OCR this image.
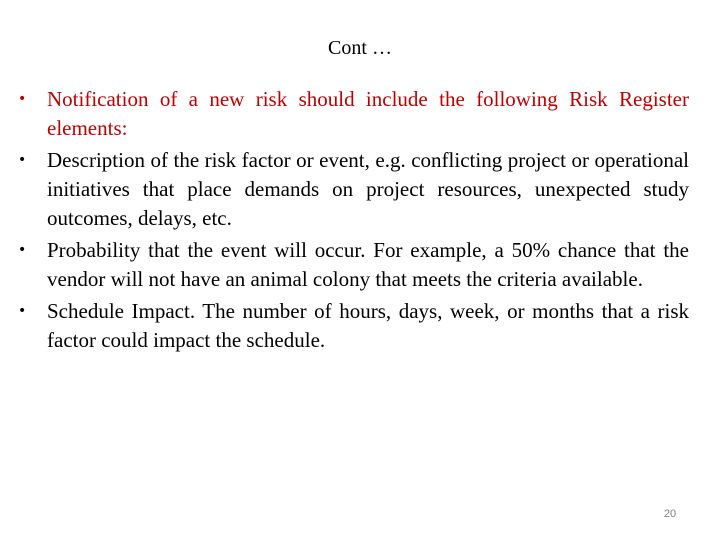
Cont …
• Notification of a new risk should include the following Risk Register elements:
• Description of the risk factor or event, e.g. conflicting project or operational initiatives that place demands on project resources, unexpected study outcomes, delays, etc.
• Probability that the event will occur. For example, a 50% chance that the vendor will not have an animal colony that meets the criteria available.
• Schedule Impact. The number of hours, days, week, or months that a risk factor could impact the schedule.
20
